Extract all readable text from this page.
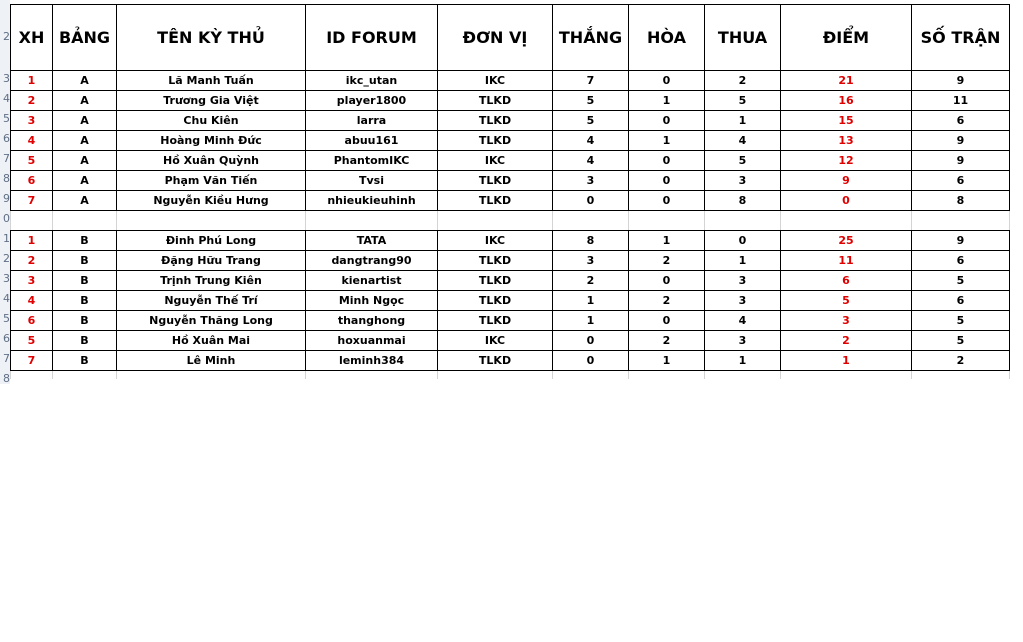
2
3
4
5
6
7
8
9
0
1
2
3
4
5
6
7
8
XH	BẢNG	TÊN KỲ THỦ	ID FORUM	ĐƠN VỊ	THẮNG	HÒA	THUA	ĐIỂM	SỐ TRẬN
1	A	Lã Manh Tuấn	ikc_utan	IKC	7	0	2	21	9
2	A	Trương Gia Việt	player1800	TLKD	5	1	5	16	11
3	A	Chu Kiên	larra	TLKD	5	0	1	15	6
4	A	Hoàng Minh Đức	abuu161	TLKD	4	1	4	13	9
5	A	Hồ Xuân Quỳnh	PhantomIKC	IKC	4	0	5	12	9
6	A	Phạm Văn Tiến	Tvsi	TLKD	3	0	3	9	6
7	A	Nguyễn Kiều Hưng	nhieukieuhinh	TLKD	0	0	8	0	8

1	B	Đinh Phú Long	TATA	IKC	8	1	0	25	9
2	B	Đặng Hữu Trang	dangtrang90	TLKD	3	2	1	11	6
3	B	Trịnh Trung Kiên	kienartist	TLKD	2	0	3	6	5
4	B	Nguyễn Thế Trí	Minh Ngọc	TLKD	1	2	3	5	6
6	B	Nguyễn Thăng Long	thanghong	TLKD	1	0	4	3	5
5	B	Hồ Xuân Mai	hoxuanmai	IKC	0	2	3	2	5
7	B	Lê Minh	leminh384	TLKD	0	1	1	1	2
